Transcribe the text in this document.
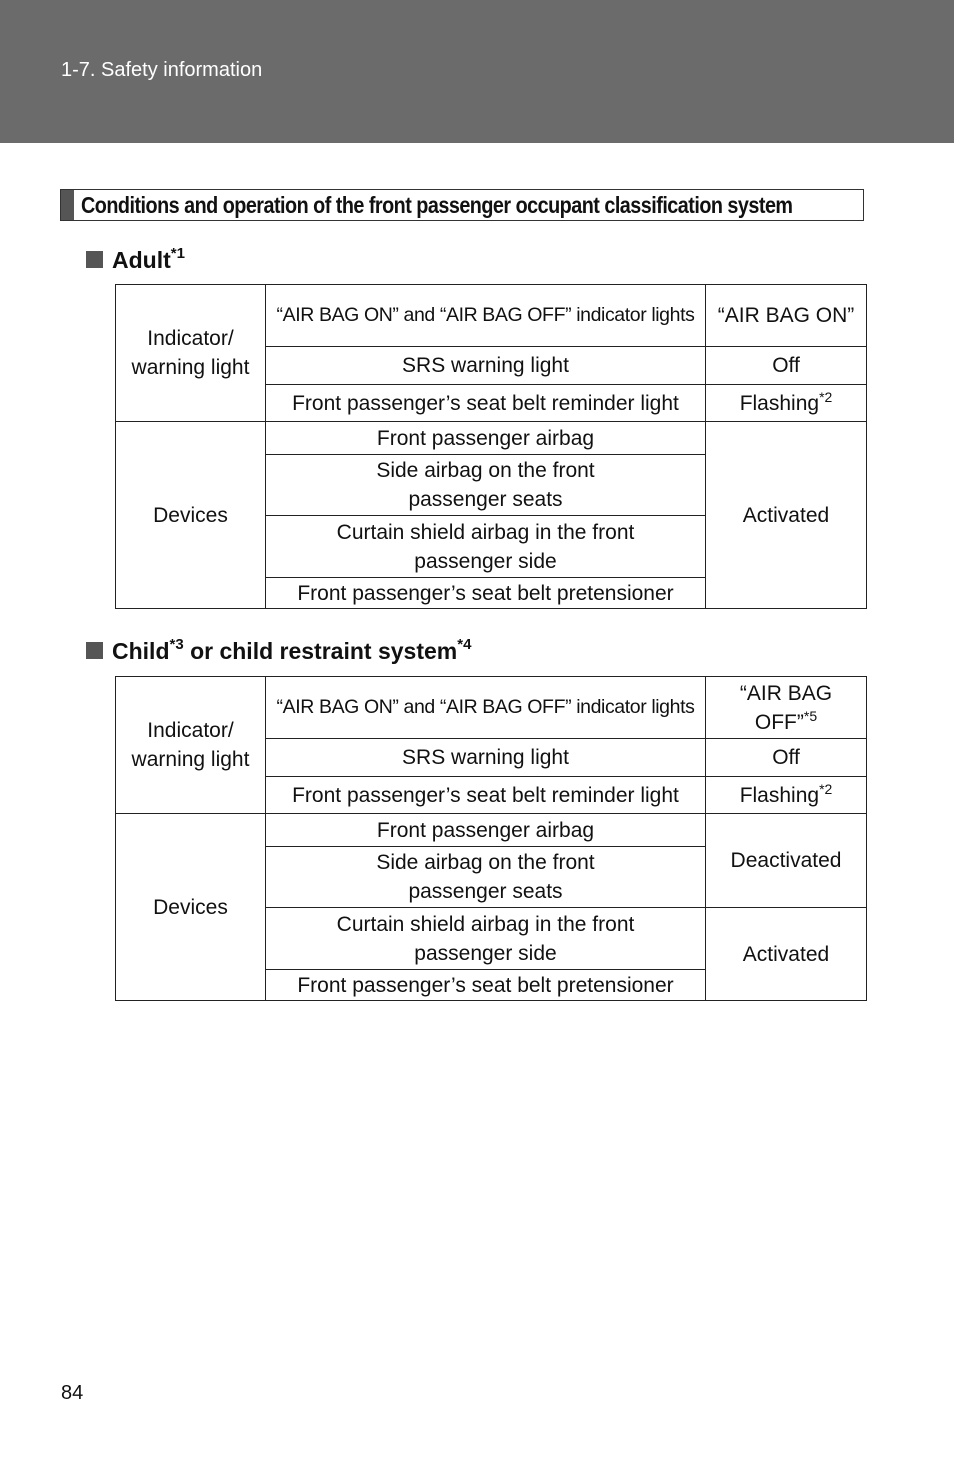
1-7. Safety information
Conditions and operation of the front passenger occupant classification system
Adult$^{*1}$
Indicator/ warning light	“AIR BAG ON” and “AIR BAG OFF” indicator lights	“AIR BAG ON”
	SRS warning light	Off
	Front passenger’s seat belt reminder light	Flashing$^{*2}$
Devices	Front passenger airbag	Activated

	Side airbag on the front passenger seats	

	Curtain shield airbag in the front passenger side	

	Front passenger’s seat belt pretensioner	
Child$^{*3}$ or child restraint system$^{*4}$
Indicator/ warning light	“AIR BAG ON” and “AIR BAG OFF” indicator lights	“AIR BAG OFF”$^{*5}$

	SRS warning light	Off
	Front passenger’s seat belt reminder light	Flashing$^{*2}$
Devices	Front passenger airbag	Deactivated

	Side airbag on the front passenger seats	

	Curtain shield airbag in the front passenger side	Activated
	Front passenger’s seat belt pretensioner	
84
